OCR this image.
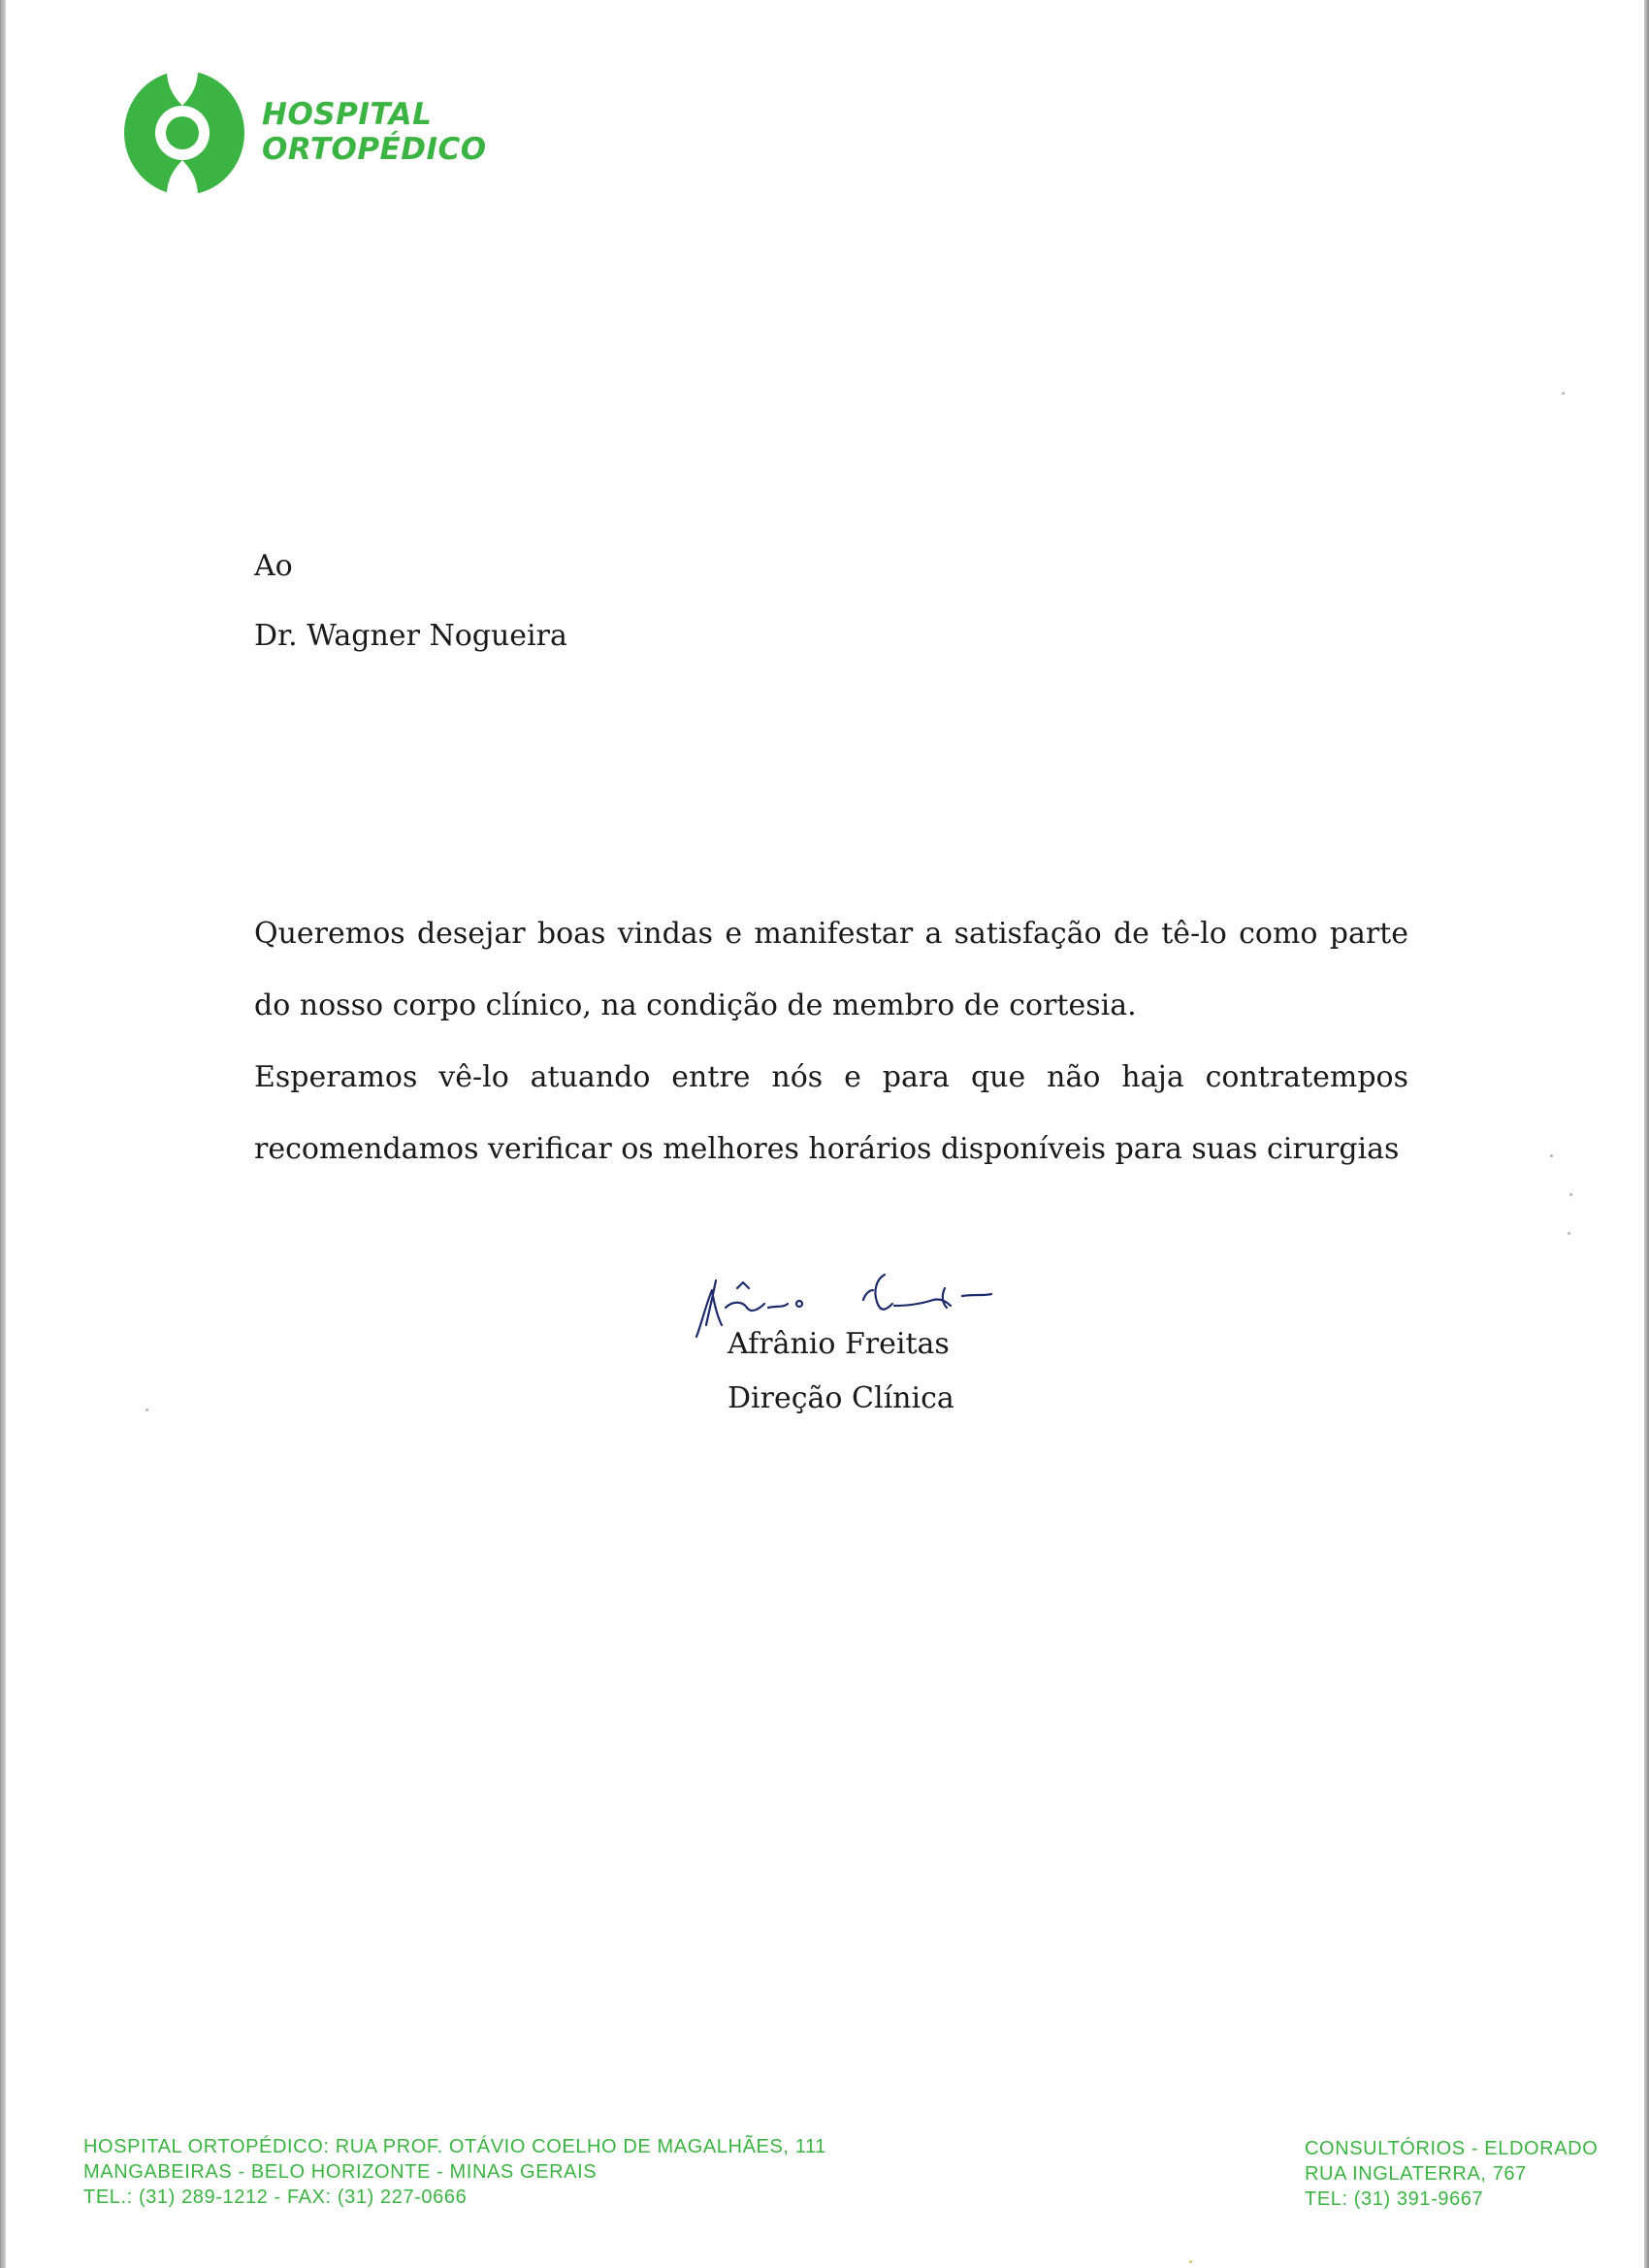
HOSPITAL
ORTOPÉDICO
Ao
Dr. Wagner Nogueira

Queremos desejar boas vindas e manifestar a satisfação de tê-lo como parte do nosso corpo clínico, na condição de membro de cortesia.

Esperamos vê-lo atuando entre nós e para que não haja contratempos recomendamos verificar os melhores horários disponíveis para suas cirurgias

Afrânio Freitas
Direção Clínica
HOSPITAL ORTOPÉDICO: RUA PROF. OTÁVIO COELHO DE MAGALHÃES, 111
MANGABEIRAS - BELO HORIZONTE - MINAS GERAIS
TEL.: (31) 289-1212 - FAX: (31) 227-0666
CONSULTÓRIOS - ELDORADO
RUA INGLATERRA, 767
TEL: (31) 391-9667
